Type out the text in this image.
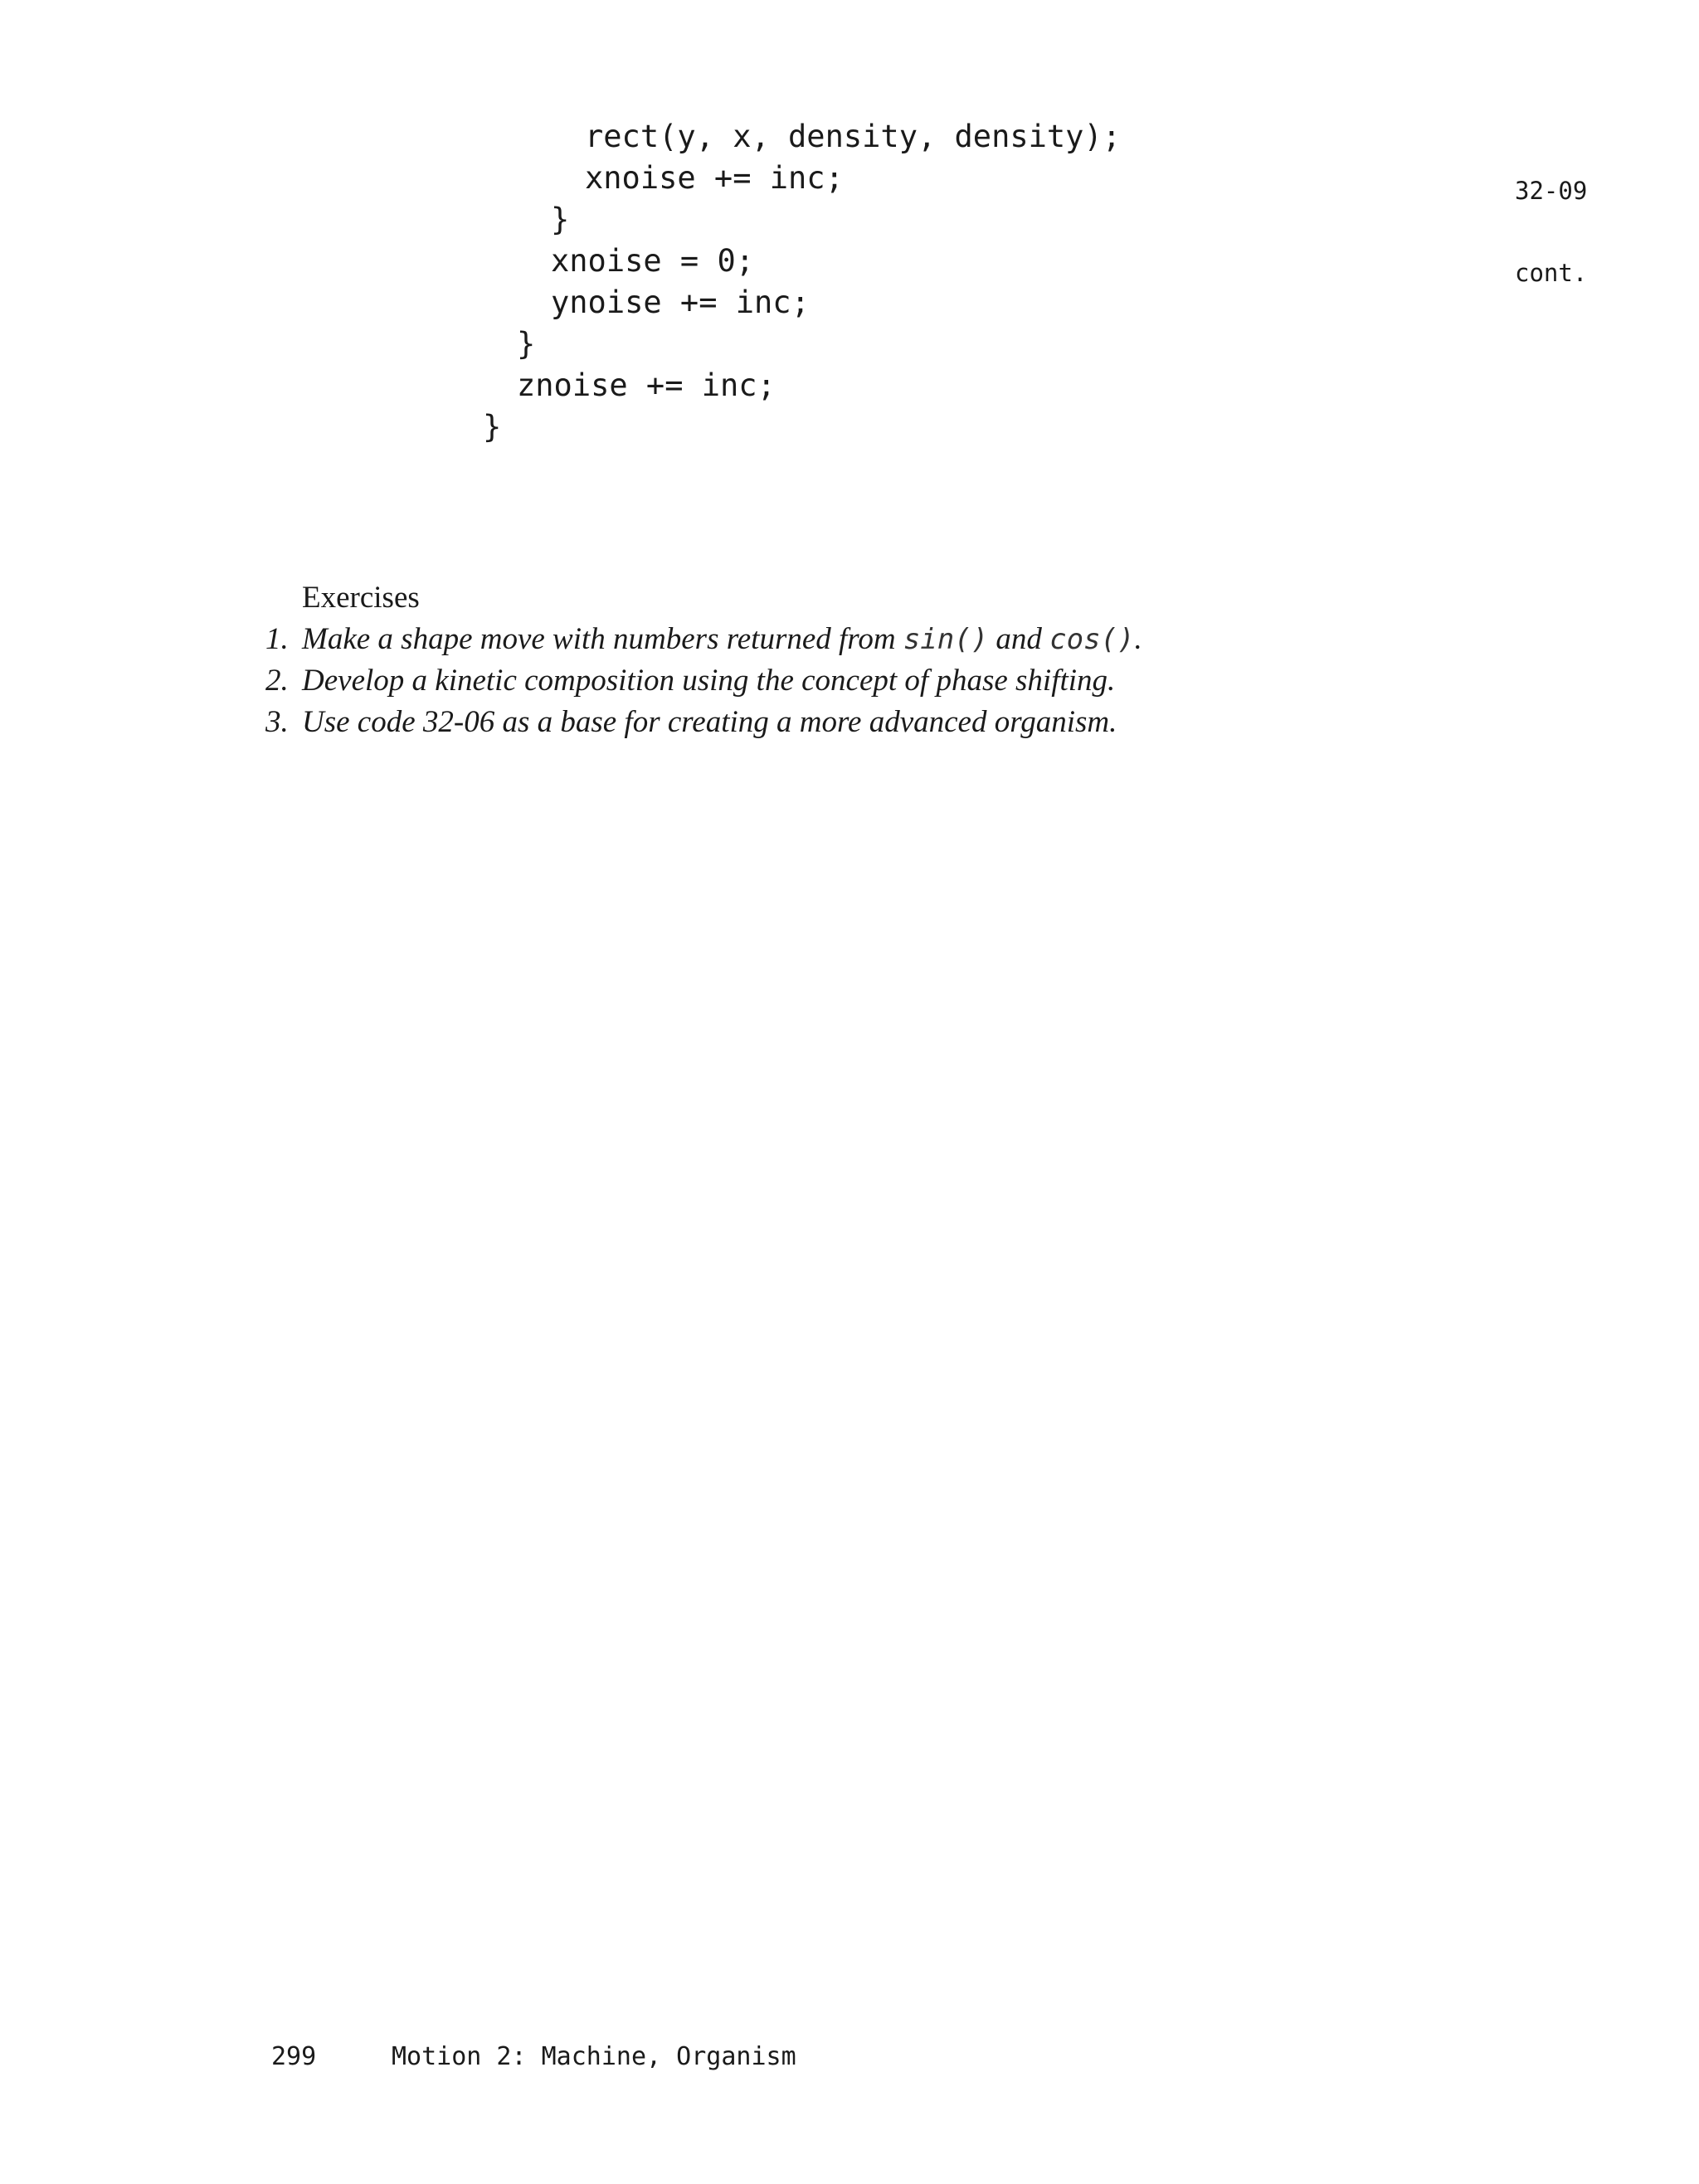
rect(y, x, density, density);
xnoise += inc;
}
xnoise = 0;
ynoise += inc;
}
znoise += inc;
}

32-09

cont.

Exercises
1. Make a shape move with numbers returned from sin() and cos().
2. Develop a kinetic composition using the concept of phase shifting.
3. Use code 32-06 as a base for creating a more advanced organism.
299	Motion 2: Machine, Organism
